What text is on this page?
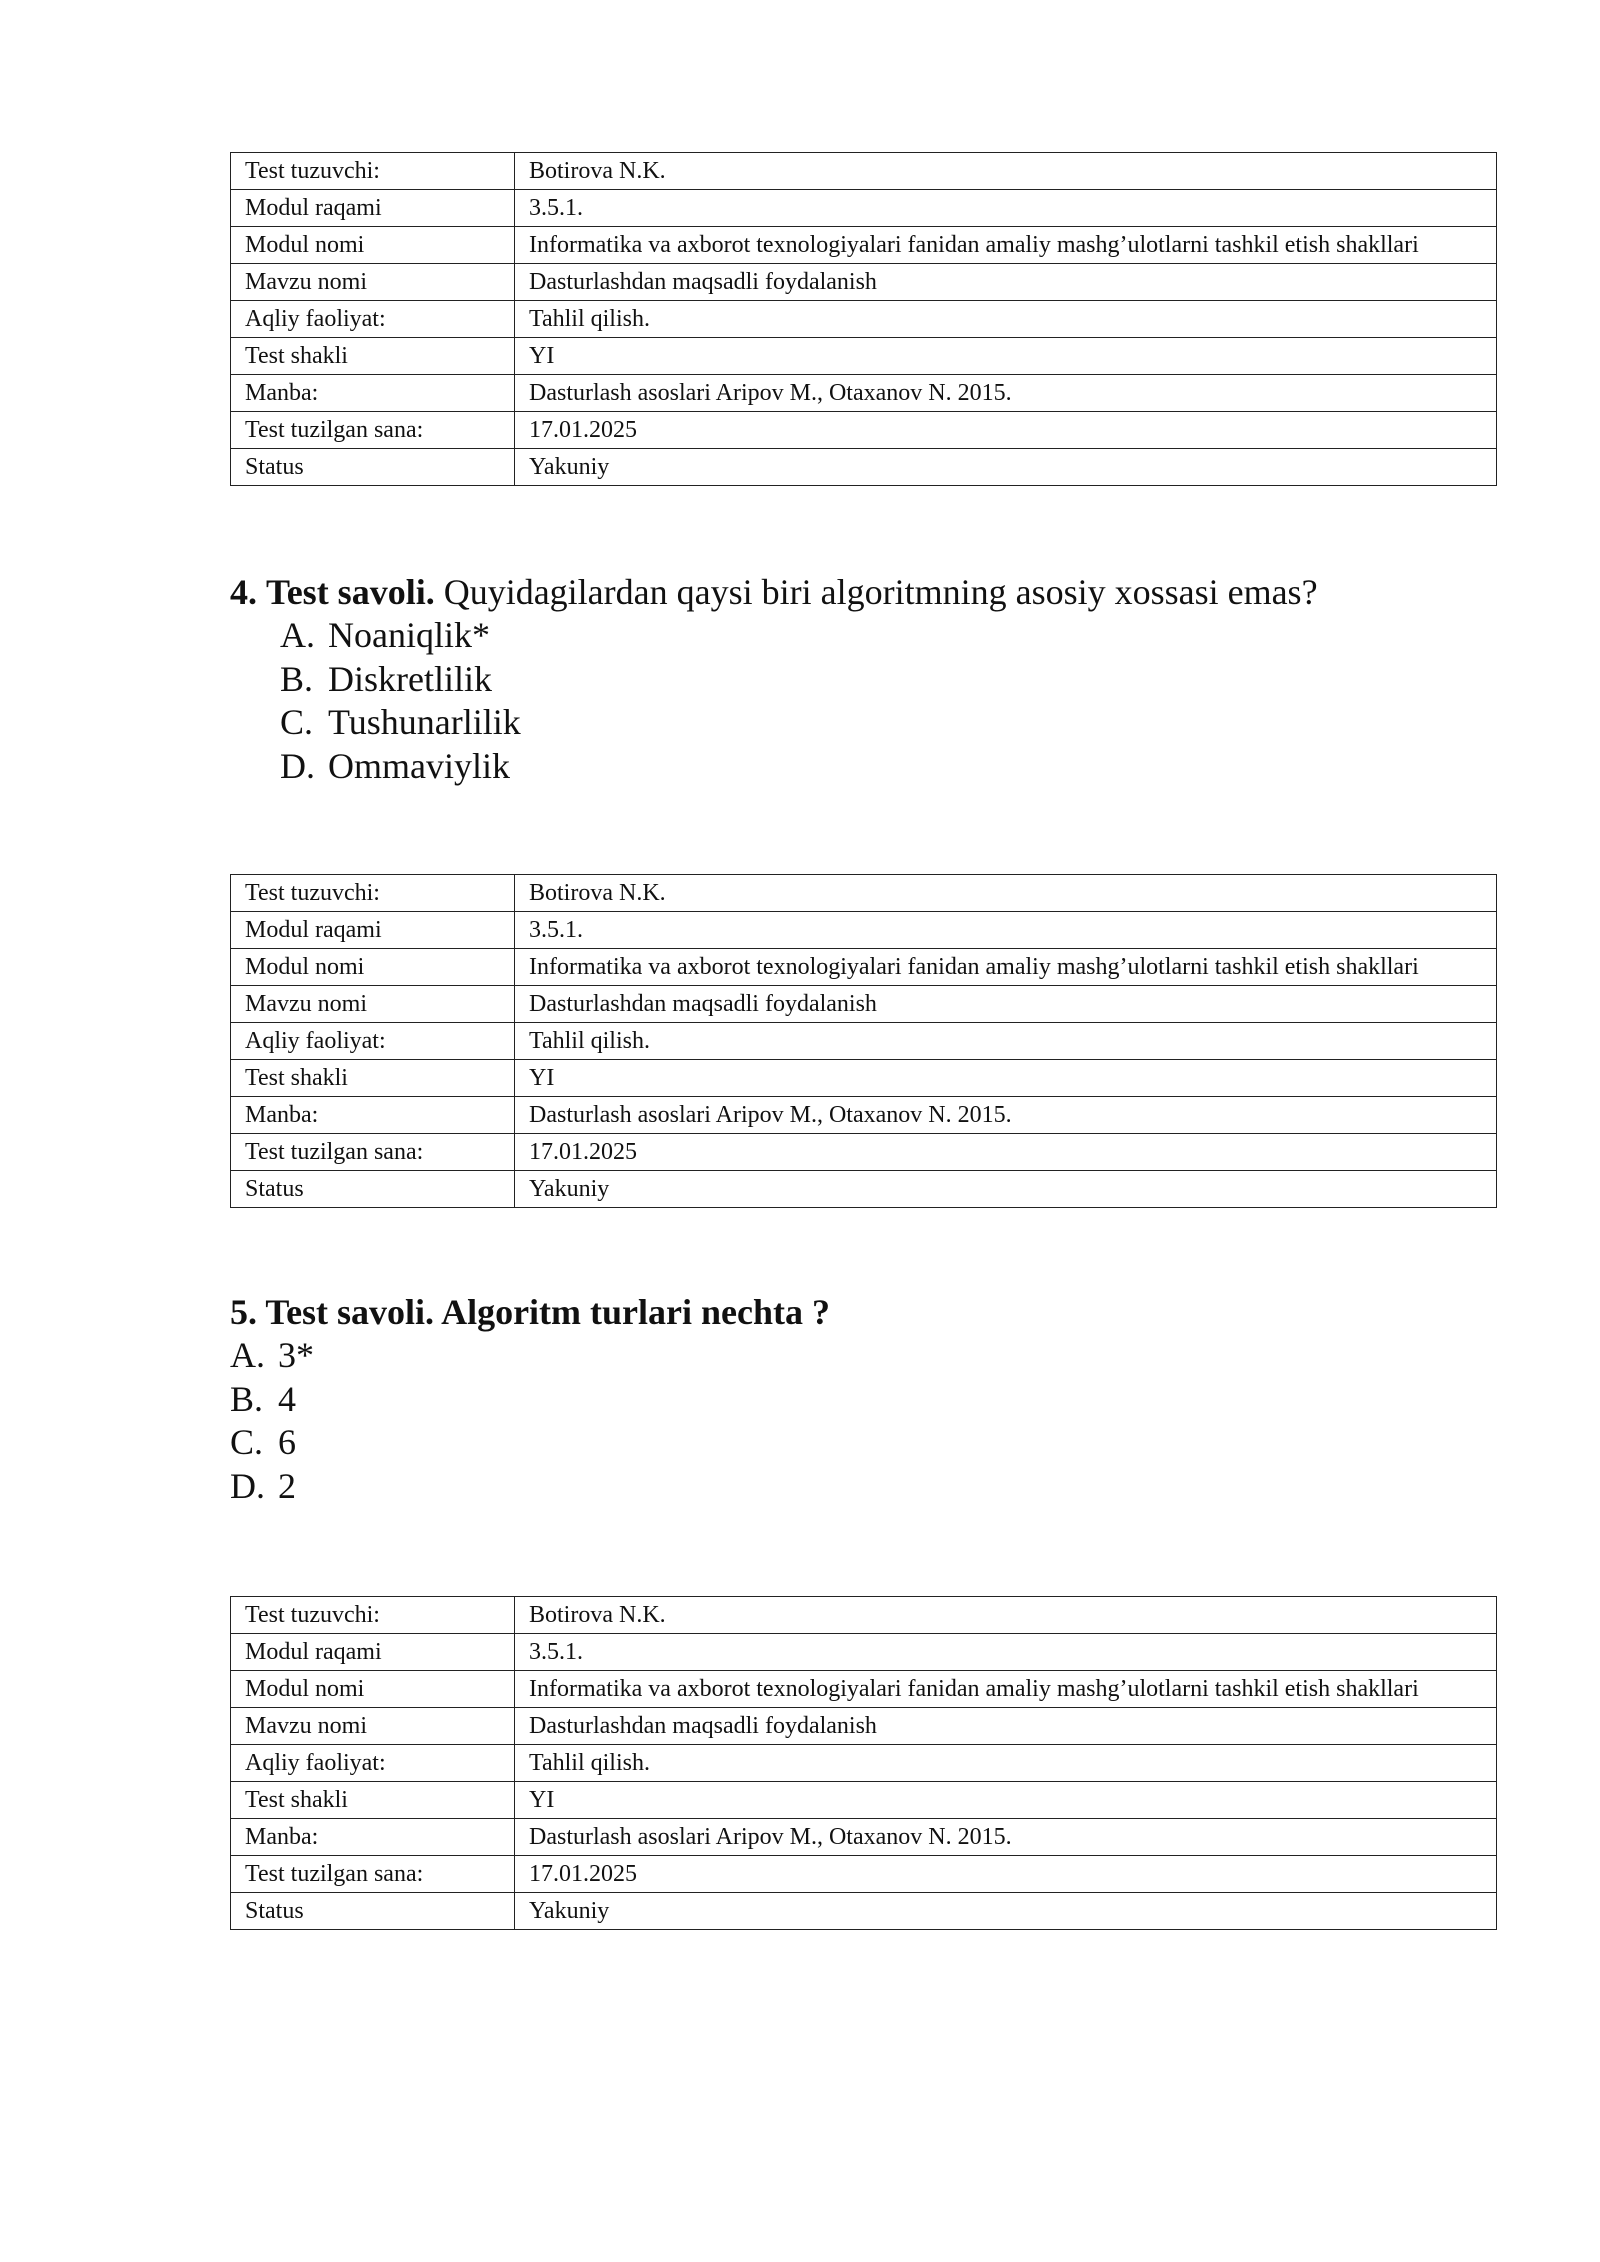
Test tuzuvchi:	Botirova N.K.
Modul raqami	3.5.1.
Modul nomi	Informatika va axborot texnologiyalari fanidan amaliy mashg’ulotlarni tashkil etish shakllari
Mavzu nomi	Dasturlashdan maqsadli foydalanish
Aqliy faoliyat:	Tahlil qilish.
Test shakli	YI
Manba:	Dasturlash asoslari Aripov M., Otaxanov N. 2015.
Test tuzilgan sana:	17.01.2025
Status	Yakuniy

4. Test savoli. Quyidagilardan qaysi biri algoritmning asosiy xossasi emas?

A. Noaniqlik*
B. Diskretlilik
C. Tushunarlilik
D. Ommaviylik
Test tuzuvchi:	Botirova N.K.
Modul raqami	3.5.1.
Modul nomi	Informatika va axborot texnologiyalari fanidan amaliy mashg’ulotlarni tashkil etish shakllari
Mavzu nomi	Dasturlashdan maqsadli foydalanish
Aqliy faoliyat:	Tahlil qilish.
Test shakli	YI
Manba:	Dasturlash asoslari Aripov M., Otaxanov N. 2015.
Test tuzilgan sana:	17.01.2025
Status	Yakuniy

5. Test savoli. Algoritm turlari nechta ?

A. 3*
B. 4
C. 6
D. 2
Test tuzuvchi:	Botirova N.K.
Modul raqami	3.5.1.
Modul nomi	Informatika va axborot texnologiyalari fanidan amaliy mashg’ulotlarni tashkil etish shakllari
Mavzu nomi	Dasturlashdan maqsadli foydalanish
Aqliy faoliyat:	Tahlil qilish.
Test shakli	YI
Manba:	Dasturlash asoslari Aripov M., Otaxanov N. 2015.
Test tuzilgan sana:	17.01.2025
Status	Yakuniy
